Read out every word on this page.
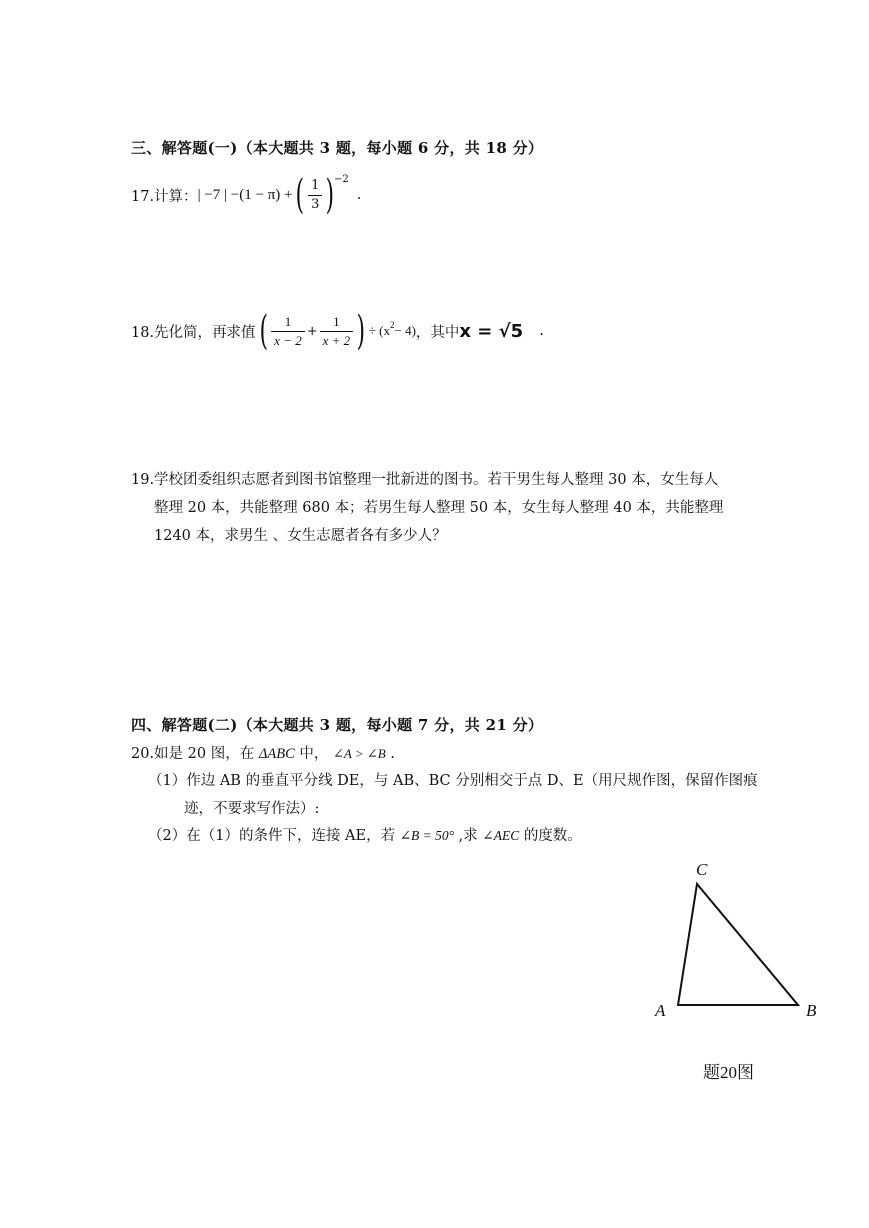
三、解答题(一)（本大题共 3 题，每小题 6 分，共 18 分）
17.计算： | −7 | −(1 − π) + ( $\frac{1}{3}$ ) −2
.
18.先化简，再求值 ( $\frac{1}{x - 2} + \frac{1}{x + 2}$ ) ÷ (x 2 − 4) ，其中 x = √5 .
19.学校团委组织志愿者到图书馆整理一批新进的图书。若干男生每人整理 30 本，女生每人
整理 20 本，共能整理 680 本；若男生每人整理 50 本，女生每人整理 40 本，共能整理
1240 本，求男生 、女生志愿者各有多少人？
四、解答题(二)（本大题共 3 题，每小题 7 分，共 21 分）
20.如是 20 图，在 ΔABC 中， ∠A > ∠B .
（1）作边 AB 的垂直平分线 DE，与 AB、BC 分别相交于点 D、E（用尺规作图，保留作图痕
迹，不要求写作法）:
（2）在（1）的条件下，连接 AE，若 ∠B = 50° ,求 ∠AEC 的度数。
C
A	B
题20图
